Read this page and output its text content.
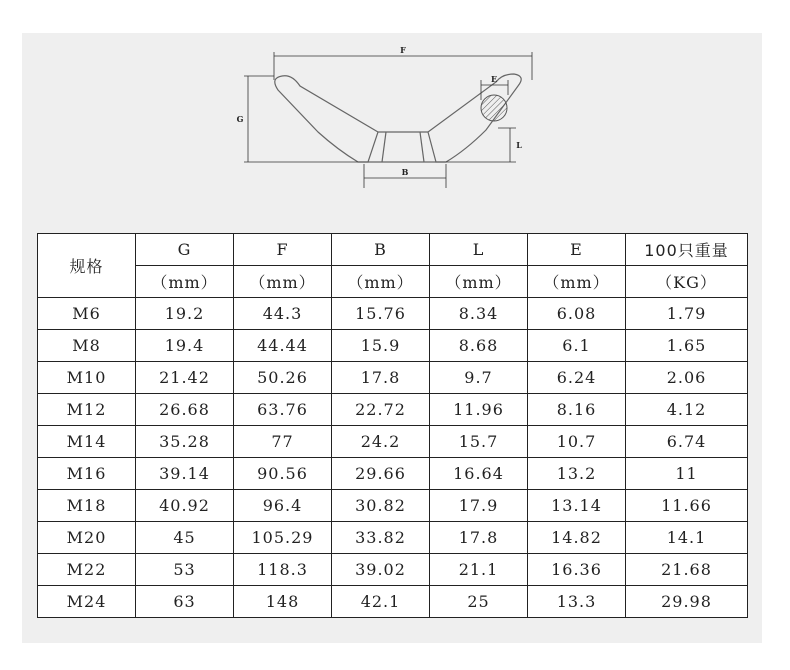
F
G
E
L
B
规格	G	F	B	L	E	100只重量
	（mm）	（mm）	（mm）	（mm）	（mm）	（KG）
M6	19.2	44.3	15.76	8.34	6.08	1.79
M8	19.4	44.44	15.9	8.68	6.1	1.65
M10	21.42	50.26	17.8	9.7	6.24	2.06
M12	26.68	63.76	22.72	11.96	8.16	4.12
M14	35.28	77	24.2	15.7	10.7	6.74
M16	39.14	90.56	29.66	16.64	13.2	11
M18	40.92	96.4	30.82	17.9	13.14	11.66
M20	45	105.29	33.82	17.8	14.82	14.1
M22	53	118.3	39.02	21.1	16.36	21.68
M24	63	148	42.1	25	13.3	29.98
